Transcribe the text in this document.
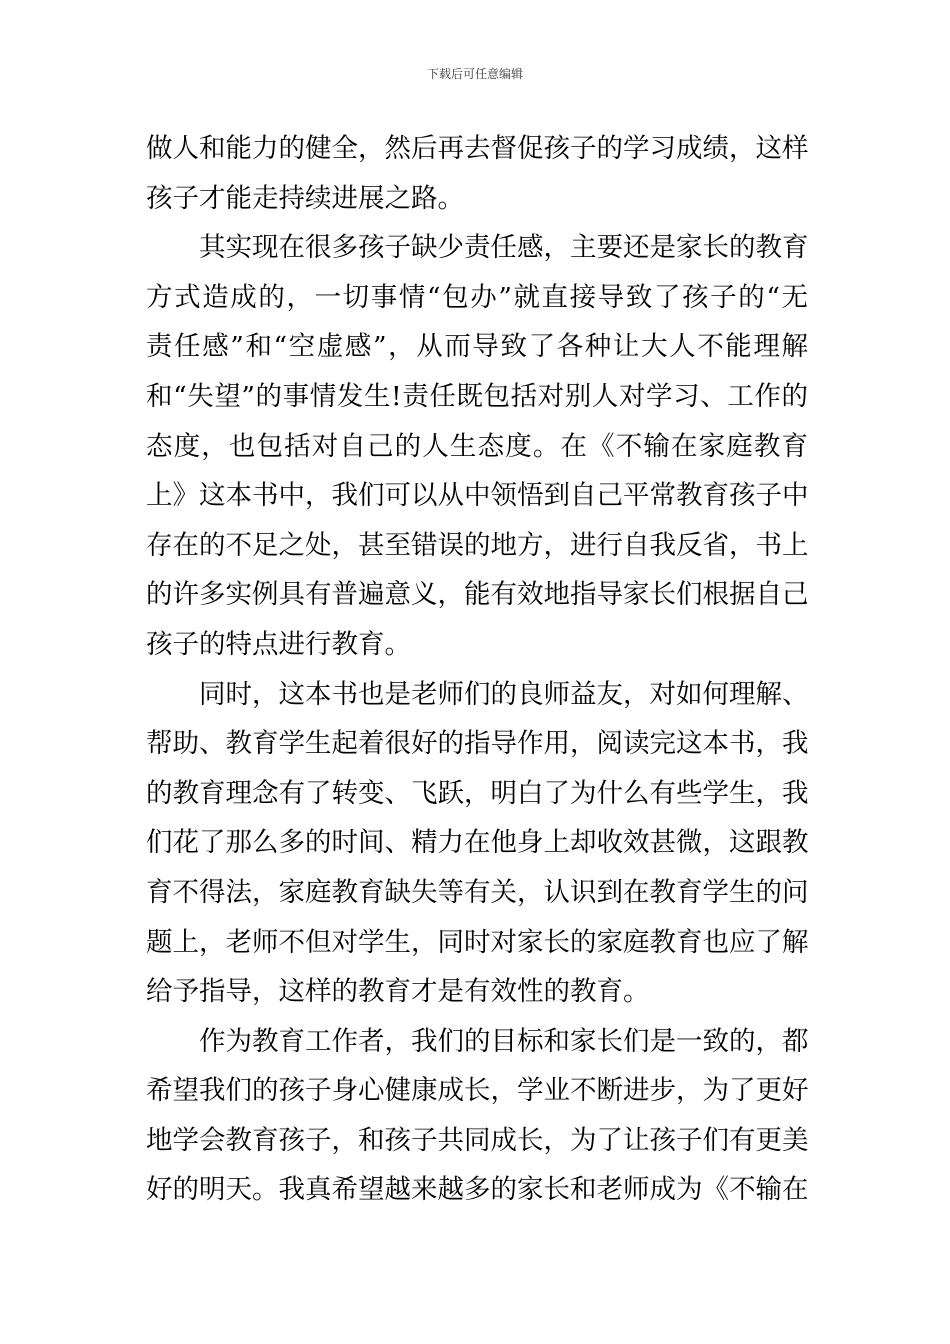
下载后可任意编辑
做人和能力的健全，然后再去督促孩子的学习成绩，这样
孩子才能走持续进展之路。
其实现在很多孩子缺少责任感，主要还是家长的教育
方式造成的，一切事情“包办”就直接导致了孩子的“无
责任感”和“空虚感”，从而导致了各种让大人不能理解
和“失望”的事情发生!责任既包括对别人对学习、工作的
态度，也包括对自己的人生态度。在《不输在家庭教育
上》这本书中，我们可以从中领悟到自己平常教育孩子中
存在的不足之处，甚至错误的地方，进行自我反省，书上
的许多实例具有普遍意义，能有效地指导家长们根据自己
孩子的特点进行教育。
同时，这本书也是老师们的良师益友，对如何理解、
帮助、教育学生起着很好的指导作用，阅读完这本书，我
的教育理念有了转变、飞跃，明白了为什么有些学生，我
们花了那么多的时间、精力在他身上却收效甚微，这跟教
育不得法，家庭教育缺失等有关，认识到在教育学生的问
题上，老师不但对学生，同时对家长的家庭教育也应了解
给予指导，这样的教育才是有效性的教育。
作为教育工作者，我们的目标和家长们是一致的，都
希望我们的孩子身心健康成长，学业不断进步，为了更好
地学会教育孩子，和孩子共同成长，为了让孩子们有更美
好的明天。我真希望越来越多的家长和老师成为《不输在
